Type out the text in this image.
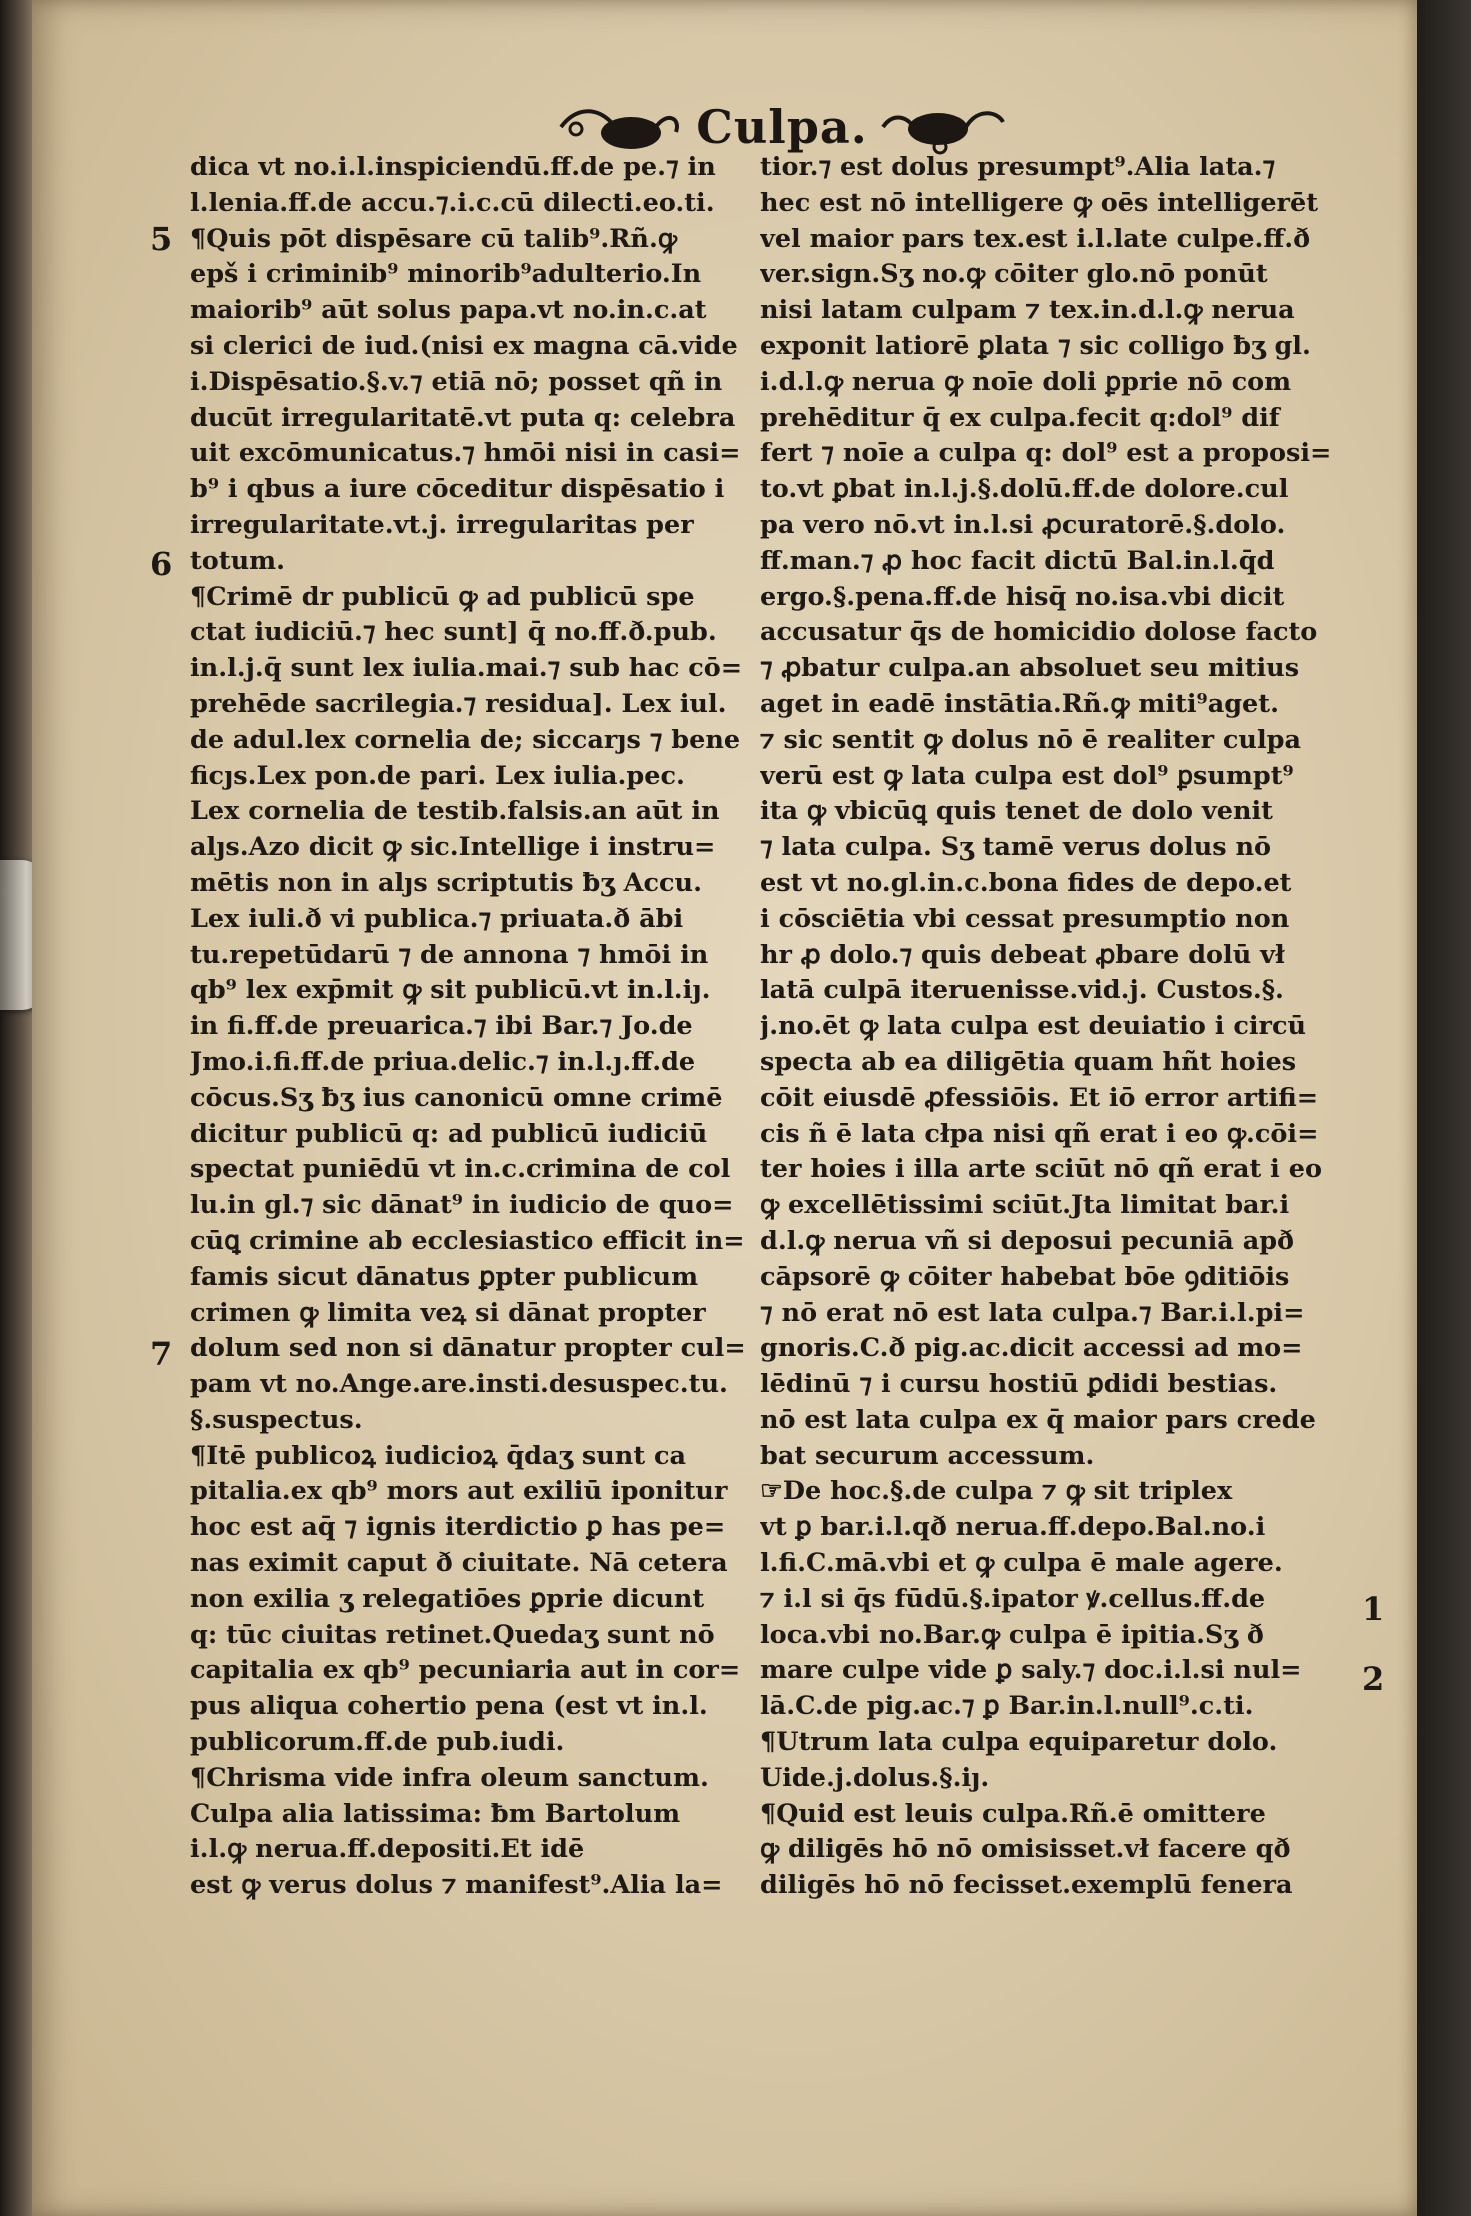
Culpa.
dica vt no.i.l.inspiciendū.ff.de pe.⁊ in
l.lenia.ff.de accu.⁊.i.c.cū dilecti.eo.ti.
¶Quis pōt dispēsare cū talib⁹.Rñ.ꝙ
epš i criminib⁹ minorib⁹adulterio.In
maiorib⁹ aūt solus papa.vt no.in.c.at
si clerici de iud.(nisi ex magna cā.vide
i.Dispēsatio.§.v.⁊ etiā nō; posset qñ in
ducūt irregularitatē.vt puta q: celebra
uit excōmunicatus.⁊ hmōi nisi in casi=
b⁹ i qbus a iure cōceditur dispēsatio i
irregularitate.vt.j. irregularitas per
totum.
¶Crimē dr publicū ꝙ ad publicū spe
ctat iudiciū.⁊ hec sunt] q̄ no.ff.ð.pub.
in.l.j.q̄ sunt lex iulia.mai.⁊ sub hac cō=
prehēde sacrilegia.⁊ residua]. Lex iul.
de adul.lex cornelia de; siccarȷs ⁊ bene
ficȷs.Lex pon.de pari. Lex iulia.pec.
Lex cornelia de testib.falsis.an aūt in
alȷs.Azo dicit ꝙ sic.Intellige i instru=
mētis non in alȷs scriptutis ƀʒ Accu.
Lex iuli.ð vi publica.⁊ priuata.ð ābi
tu.repetūdarū ⁊ de annona ⁊ hmōi in
qb⁹ lex exp̄mit ꝙ sit publicū.vt in.l.iȷ.
in fi.ff.de preuarica.⁊ ibi Bar.⁊ Jo.de
Jmo.i.fi.ff.de priua.delic.⁊ in.l.ȷ.ff.de
cōcus.Sʒ ƀʒ ius canonicū omne crimē
dicitur publicū q: ad publicū iudiciū
spectat puniēdū vt in.c.crimina de col
lu.in gl.⁊ sic dānat⁹ in iudicio de quo=
cūꝗ crimine ab ecclesiastico efficit in=
famis sicut dānatus ꝑpter publicum
crimen ꝙ limita veꝝ si dānat propter
dolum sed non si dānatur propter cul=
pam vt no.Ange.are.insti.desuspec.tu.
§.suspectus.
¶Itē publicoꝝ iudicioꝝ q̄daʒ sunt ca
pitalia.ex qb⁹ mors aut exiliū iponitur
hoc est aq̄ ⁊ ignis iterdictio ꝑ has pe=
nas eximit caput ð ciuitate. Nā cetera
non exilia ʒ relegatiōes ꝑprie dicunt
q: tūc ciuitas retinet.Quedaʒ sunt nō
capitalia ex qb⁹ pecuniaria aut in cor=
pus aliqua cohertio pena (est vt in.l.
publicorum.ff.de pub.iudi.
¶Chrisma vide infra oleum sanctum.
Culpa alia latissima: ƀm Bartolum
i.l.ꝙ nerua.ff.depositi.Et idē
est ꝙ verus dolus ⁊ manifest⁹.Alia la=
tior.⁊ est dolus presumpt⁹.Alia lata.⁊
hec est nō intelligere ꝙ oēs intelligerēt
vel maior pars tex.est i.l.late culpe.ff.ð
ver.sign.Sʒ no.ꝙ cōiter glo.nō ponūt
nisi latam culpam ⁊ tex.in.d.l.ꝙ nerua
exponit latiorē ꝑlata ⁊ sic colligo ƀʒ gl.
i.d.l.ꝙ nerua ꝙ noīe doli ꝑprie nō com
prehēditur q̄ ex culpa.fecit q:dol⁹ dif
fert ⁊ noīe a culpa q: dol⁹ est a proposi=
to.vt ꝑbat in.l.j.§.dolū.ff.de dolore.cul
pa vero nō.vt in.l.si ꝓcuratorē.§.dolo.
ff.man.⁊ ꝓ hoc facit dictū Bal.in.l.q̄d
ergo.§.pena.ff.de hisq̄ no.isa.vbi dicit
accusatur q̄s de homicidio dolose facto
⁊ ꝓbatur culpa.an absoluet seu mitius
aget in eadē instātia.Rñ.ꝙ miti⁹aget.
⁊ sic sentit ꝙ dolus nō ē realiter culpa
verū est ꝙ lata culpa est dol⁹ ꝑsumpt⁹
ita ꝙ vbicūꝗ quis tenet de dolo venit
⁊ lata culpa. Sʒ tamē verus dolus nō
est vt no.gl.in.c.bona fides de depo.et
i cōsciētia vbi cessat presumptio non
hr ꝓ dolo.⁊ quis debeat ꝓbare dolū vł
latā culpā iteruenisse.vid.j. Custos.§.
j.no.ēt ꝙ lata culpa est deuiatio i circū
specta ab ea diligētia quam hñt hoies
cōit eiusdē ꝓfessiōis. Et iō error artifi=
cis ñ ē lata cłpa nisi qñ erat i eo ꝙ.cōi=
ter hoies i illa arte sciūt nō qñ erat i eo
ꝙ excellētissimi sciūt.Jta limitat bar.i
d.l.ꝙ nerua vñ si deposui pecuniā apð
cāpsorē ꝙ cōiter habebat bōe ꝯditiōis
⁊ nō erat nō est lata culpa.⁊ Bar.i.l.pi=
gnoris.C.ð pig.ac.dicit accessi ad mo=
lēdinū ⁊ i cursu hostiū ꝑdidi bestias.
nō est lata culpa ex q̄ maior pars crede
bat securum accessum.
☞De hoc.§.de culpa ⁊ ꝙ sit triplex
vt ꝑ bar.i.l.qð nerua.ff.depo.Bal.no.i
l.fi.C.mā.vbi et ꝙ culpa ē male agere.
⁊ i.l si q̄s fūdū.§.ipator ꝟ.cellus.ff.de
loca.vbi no.Bar.ꝙ culpa ē ipitia.Sʒ ð
mare culpe vide ꝑ saly.⁊ doc.i.l.si nul=
lā.C.de pig.ac.⁊ ꝑ Bar.in.l.null⁹.c.ti.
¶Utrum lata culpa equiparetur dolo.
Uide.j.dolus.§.iȷ.
¶Quid est leuis culpa.Rñ.ē omittere
ꝙ diligēs hō nō omisisset.vł facere qð
diligēs hō nō fecisset.exemplū fenera
5
6
7
1
2
